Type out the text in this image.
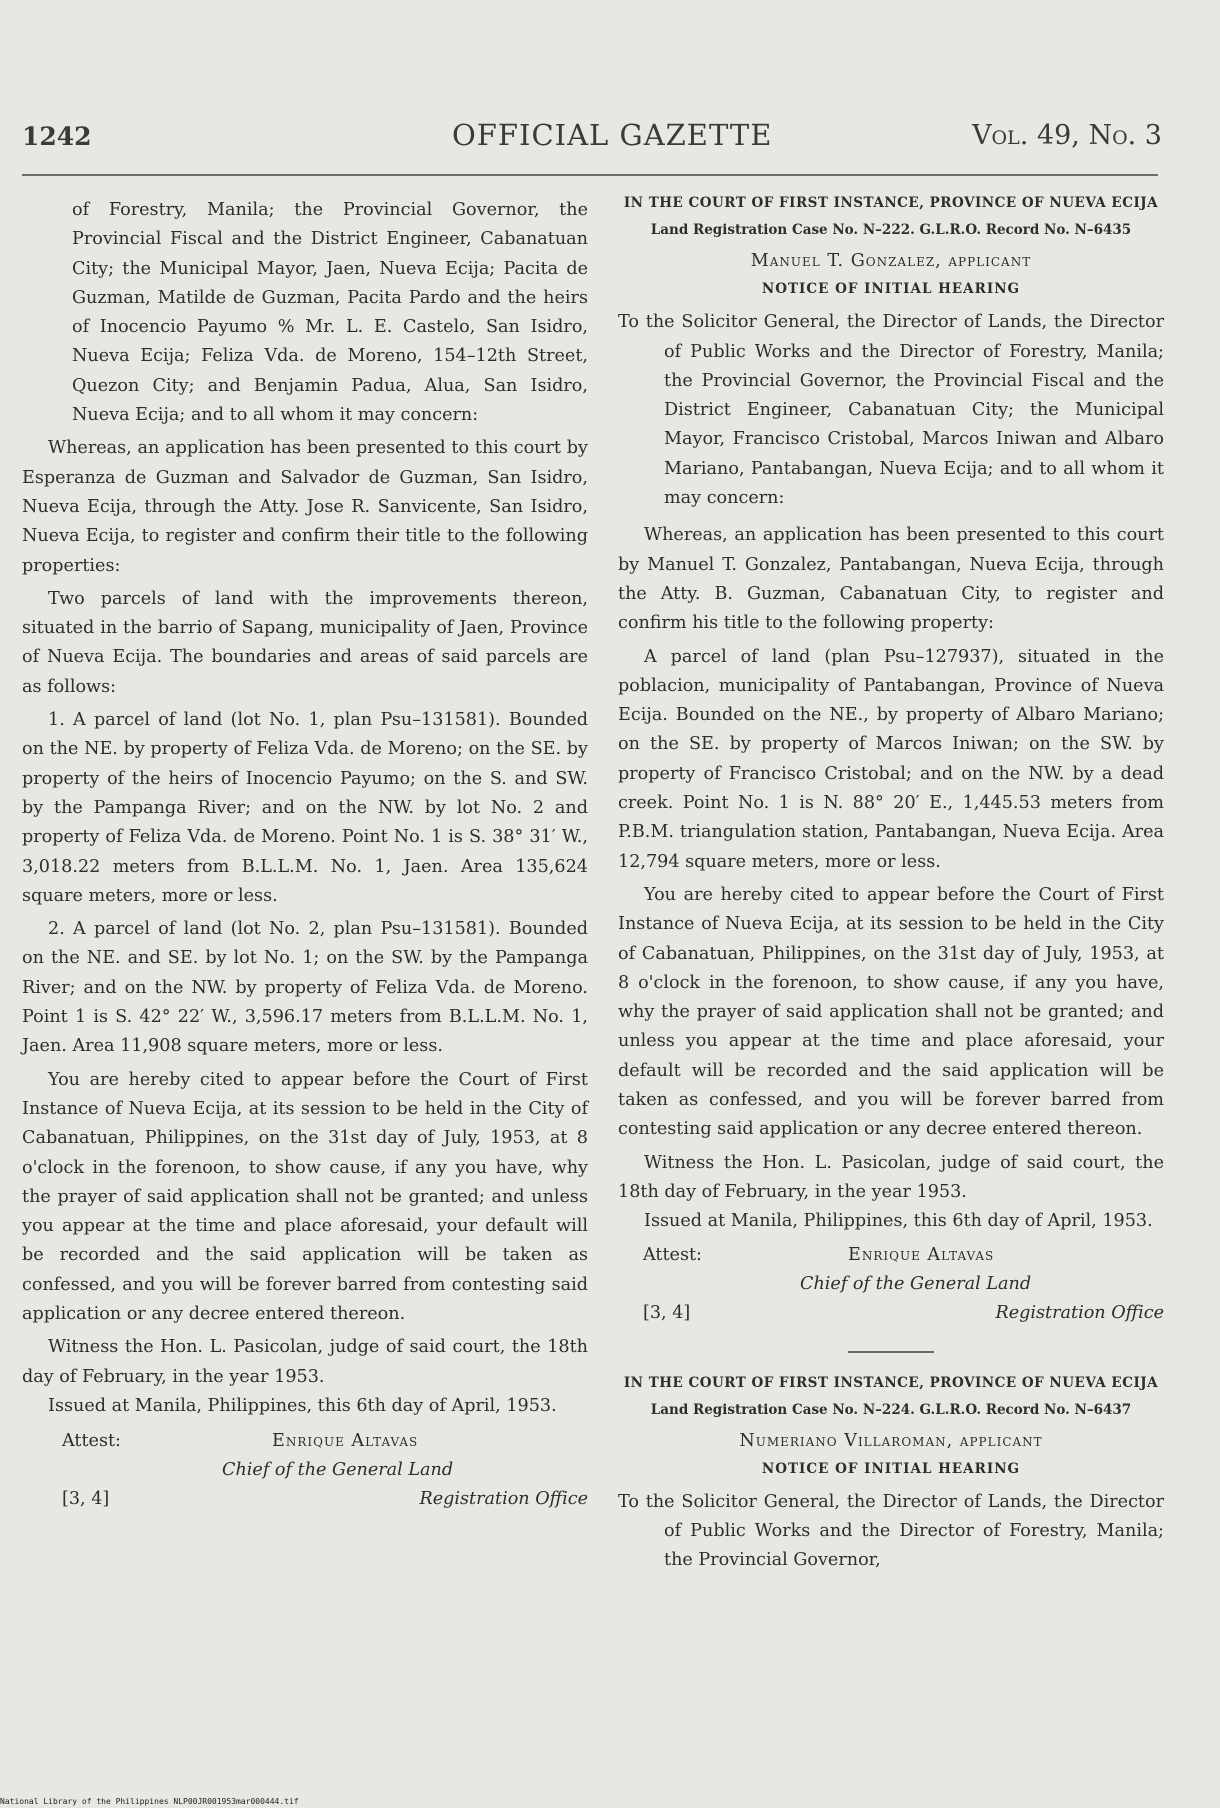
1242	OFFICIAL GAZETTE	Vol. 49, No. 3

of Forestry, Manila; the Provincial Governor, the Provincial Fiscal and the District Engineer, Cabanatuan City; the Municipal Mayor, Jaen, Nueva Ecija; Pacita de Guzman, Matilde de Guzman, Pacita Pardo and the heirs of Inocencio Payumo % Mr. L. E. Castelo, San Isidro, Nueva Ecija; Feliza Vda. de Moreno, 154–12th Street, Quezon City; and Benjamin Padua, Alua, San Isidro, Nueva Ecija; and to all whom it may concern:

Whereas, an application has been presented to this court by Esperanza de Guzman and Salvador de Guzman, San Isidro, Nueva Ecija, through the Atty. Jose R. Sanvicente, San Isidro, Nueva Ecija, to register and confirm their title to the following properties:

Two parcels of land with the improvements thereon, situated in the barrio of Sapang, municipality of Jaen, Province of Nueva Ecija. The boundaries and areas of said parcels are as follows:

1. A parcel of land (lot No. 1, plan Psu–131581). Bounded on the NE. by property of Feliza Vda. de Moreno; on the SE. by property of the heirs of Inocencio Payumo; on the S. and SW. by the Pampanga River; and on the NW. by lot No. 2 and property of Feliza Vda. de Moreno. Point No. 1 is S. 38° 31′ W., 3,018.22 meters from B.L.L.M. No. 1, Jaen. Area 135,624 square meters, more or less.

2. A parcel of land (lot No. 2, plan Psu–131581). Bounded on the NE. and SE. by lot No. 1; on the SW. by the Pampanga River; and on the NW. by property of Feliza Vda. de Moreno. Point 1 is S. 42° 22′ W., 3,596.17 meters from B.L.L.M. No. 1, Jaen. Area 11,908 square meters, more or less.

You are hereby cited to appear before the Court of First Instance of Nueva Ecija, at its session to be held in the City of Cabanatuan, Philippines, on the 31st day of July, 1953, at 8 o'clock in the forenoon, to show cause, if any you have, why the prayer of said application shall not be granted; and unless you appear at the time and place aforesaid, your default will be recorded and the said application will be taken as confessed, and you will be forever barred from contesting said application or any decree entered thereon.

Witness the Hon. L. Pasicolan, judge of said court, the 18th day of February, in the year 1953.

Issued at Manila, Philippines, this 6th day of April, 1953.

Attest:	Enrique Altavas
Chief of the General Land
[3, 4]	Registration Office

IN THE COURT OF FIRST INSTANCE, PROVINCE OF NUEVA ECIJA

Land Registration Case No. N–222. G.L.R.O. Record No. N–6435

Manuel T. Gonzalez, applicant

NOTICE OF INITIAL HEARING

To the Solicitor General, the Director of Lands, the Director of Public Works and the Director of Forestry, Manila; the Provincial Governor, the Provincial Fiscal and the District Engineer, Cabanatuan City; the Municipal Mayor, Francisco Cristobal, Marcos Iniwan and Albaro Mariano, Pantabangan, Nueva Ecija; and to all whom it may concern:

Whereas, an application has been presented to this court by Manuel T. Gonzalez, Pantabangan, Nueva Ecija, through the Atty. B. Guzman, Cabanatuan City, to register and confirm his title to the following property:

A parcel of land (plan Psu–127937), situated in the poblacion, municipality of Pantabangan, Province of Nueva Ecija. Bounded on the NE., by property of Albaro Mariano; on the SE. by property of Marcos Iniwan; on the SW. by property of Francisco Cristobal; and on the NW. by a dead creek. Point No. 1 is N. 88° 20′ E., 1,445.53 meters from P.B.M. triangulation station, Pantabangan, Nueva Ecija. Area 12,794 square meters, more or less.

You are hereby cited to appear before the Court of First Instance of Nueva Ecija, at its session to be held in the City of Cabanatuan, Philippines, on the 31st day of July, 1953, at 8 o'clock in the forenoon, to show cause, if any you have, why the prayer of said application shall not be granted; and unless you appear at the time and place aforesaid, your default will be recorded and the said application will be taken as confessed, and you will be forever barred from contesting said application or any decree entered thereon.

Witness the Hon. L. Pasicolan, judge of said court, the 18th day of February, in the year 1953.

Issued at Manila, Philippines, this 6th day of April, 1953.

Attest:	Enrique Altavas
Chief of the General Land
[3, 4]	Registration Office

IN THE COURT OF FIRST INSTANCE, PROVINCE OF NUEVA ECIJA

Land Registration Case No. N–224. G.L.R.O. Record No. N–6437

Numeriano Villaroman, applicant

NOTICE OF INITIAL HEARING

To the Solicitor General, the Director of Lands, the Director of Public Works and the Director of Forestry, Manila; the Provincial Governor,

National Library of the Philippines NLP00JR001953mar000444.tif
